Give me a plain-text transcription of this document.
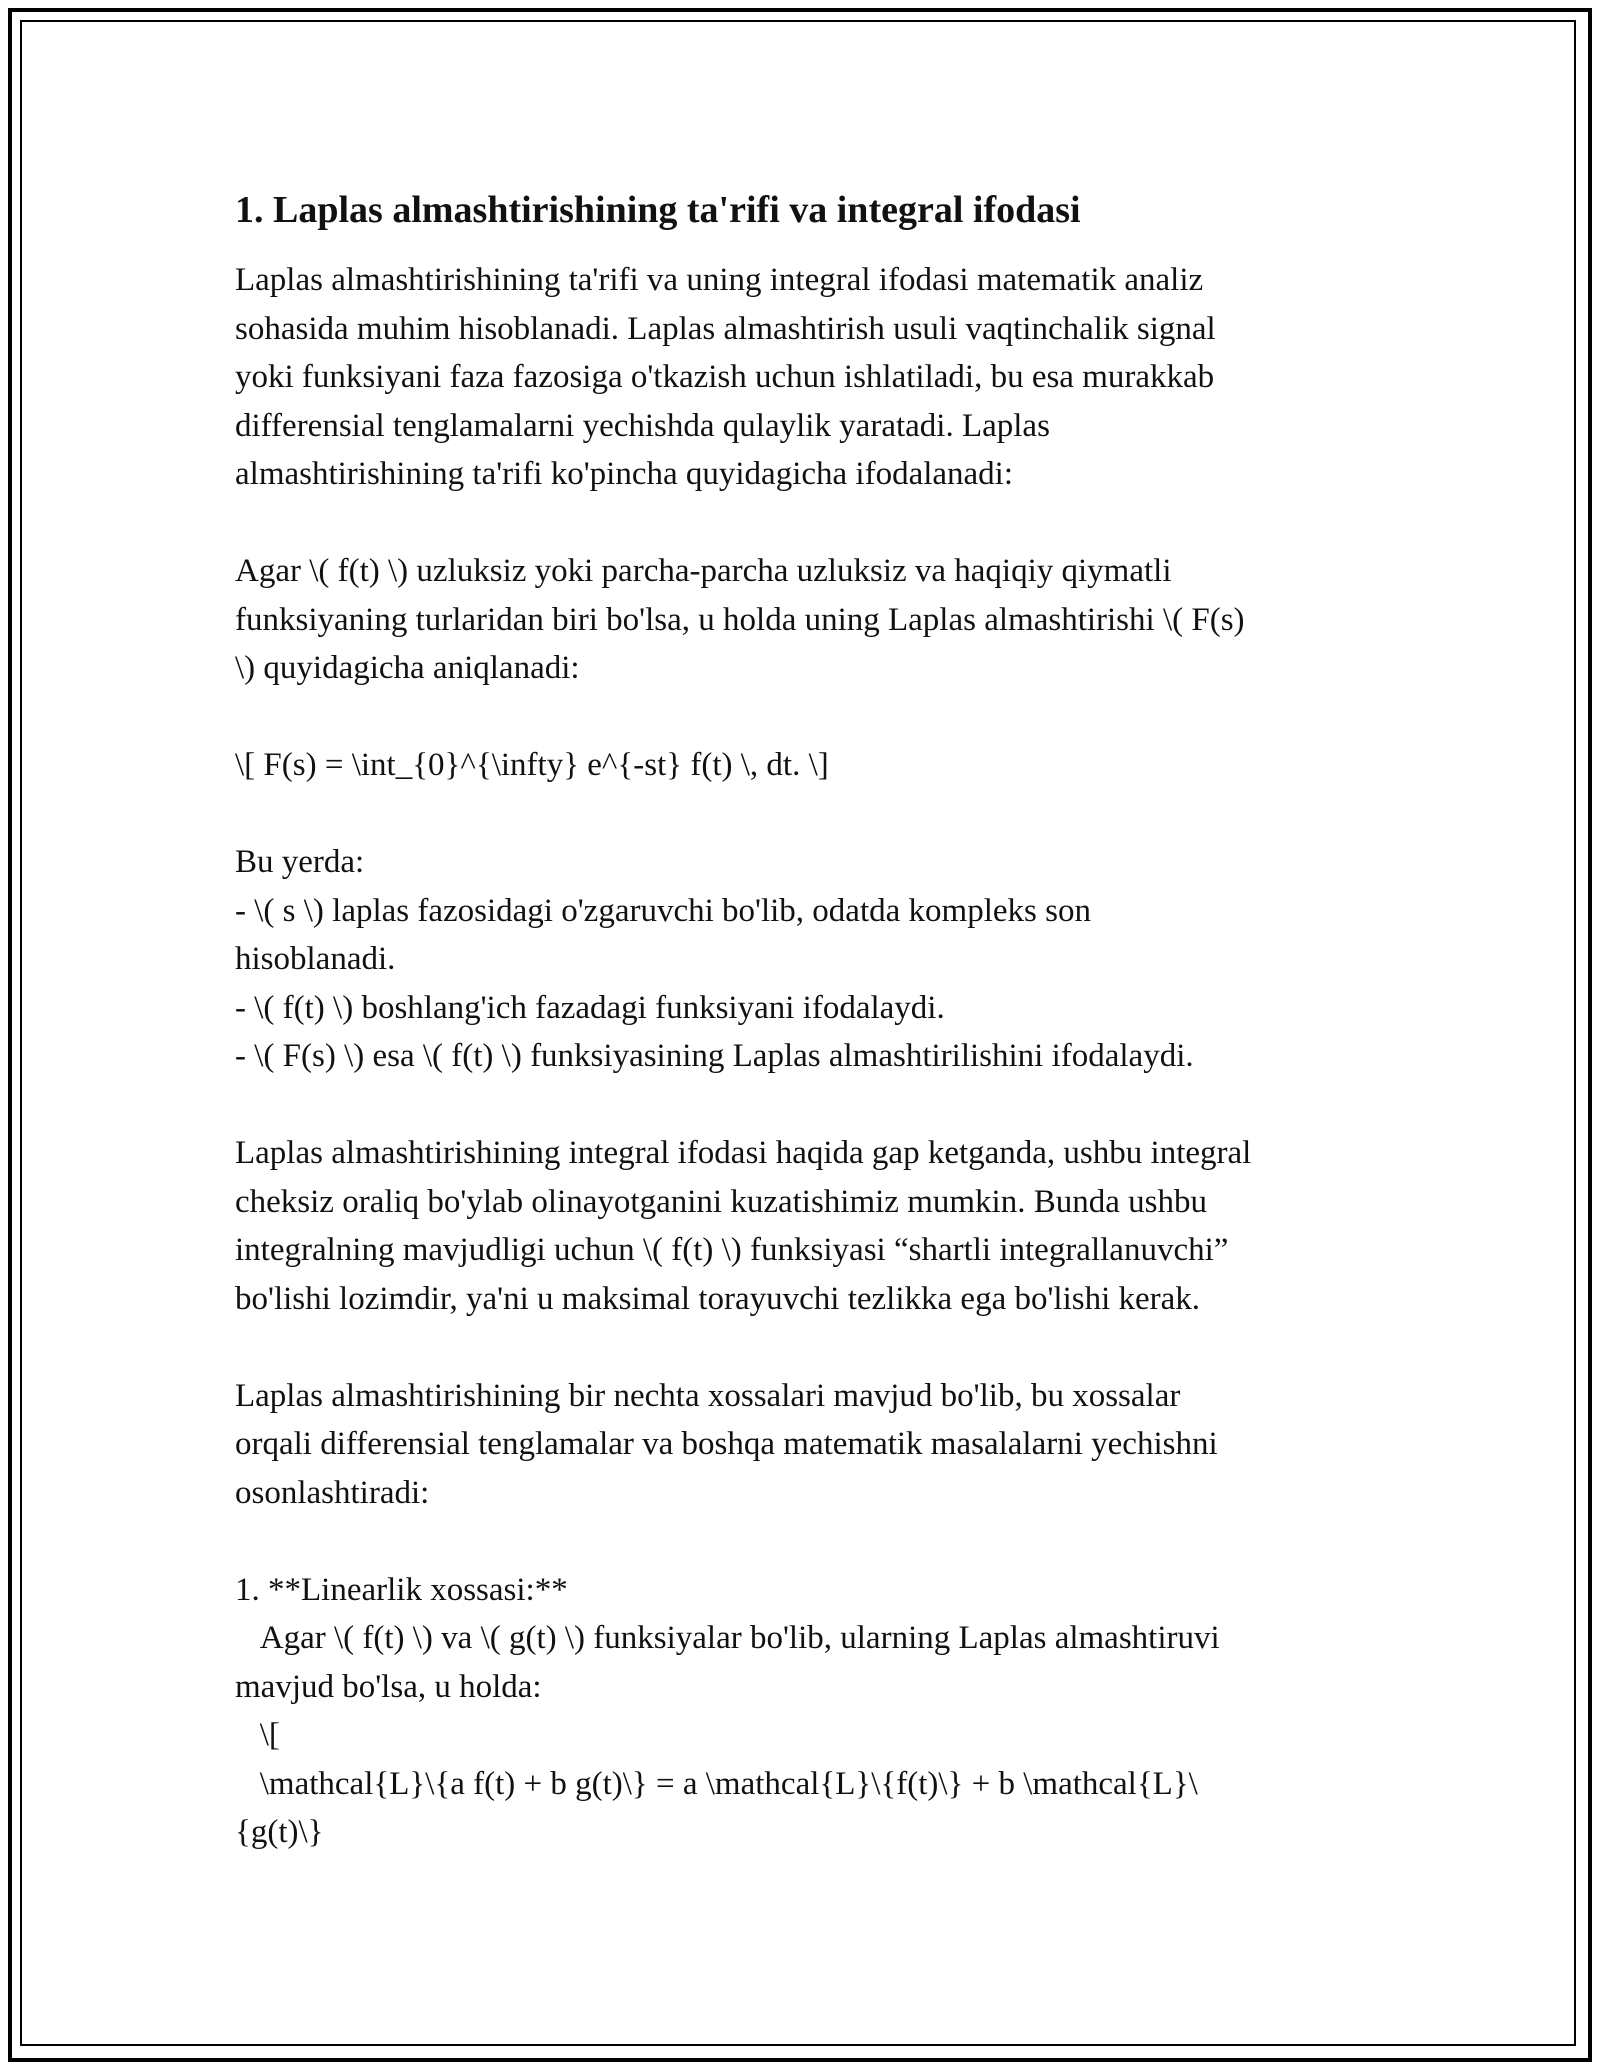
1. Laplas almashtirishining ta'rifi va integral ifodasi
Laplas almashtirishining ta'rifi va uning integral ifodasi matematik analiz
sohasida muhim hisoblanadi. Laplas almashtirish usuli vaqtinchalik signal
yoki funksiyani faza fazosiga o'tkazish uchun ishlatiladi, bu esa murakkab
differensial tenglamalarni yechishda qulaylik yaratadi. Laplas
almashtirishining ta'rifi ko'pincha quyidagicha ifodalanadi:
Agar \( f(t) \) uzluksiz yoki parcha-parcha uzluksiz va haqiqiy qiymatli
funksiyaning turlaridan biri bo'lsa, u holda uning Laplas almashtirishi \( F(s)
\) quyidagicha aniqlanadi:
\[ F(s) = \int_{0}^{\infty} e^{-st} f(t) \, dt. \]
Bu yerda:
- \( s \) laplas fazosidagi o'zgaruvchi bo'lib, odatda kompleks son
hisoblanadi.
- \( f(t) \) boshlang'ich fazadagi funksiyani ifodalaydi.
- \( F(s) \) esa \( f(t) \) funksiyasining Laplas almashtirilishini ifodalaydi.
Laplas almashtirishining integral ifodasi haqida gap ketganda, ushbu integral
cheksiz oraliq bo'ylab olinayotganini kuzatishimiz mumkin. Bunda ushbu
integralning mavjudligi uchun \( f(t) \) funksiyasi “shartli integrallanuvchi”
bo'lishi lozimdir, ya'ni u maksimal torayuvchi tezlikka ega bo'lishi kerak.
Laplas almashtirishining bir nechta xossalari mavjud bo'lib, bu xossalar
orqali differensial tenglamalar va boshqa matematik masalalarni yechishni
osonlashtiradi:
1. **Linearlik xossasi:**
Agar \( f(t) \) va \( g(t) \) funksiyalar bo'lib, ularning Laplas almashtiruvi
mavjud bo'lsa, u holda:
\[
\mathcal{L}\{a f(t) + b g(t)\} = a \mathcal{L}\{f(t)\} + b \mathcal{L}\
{g(t)\}
